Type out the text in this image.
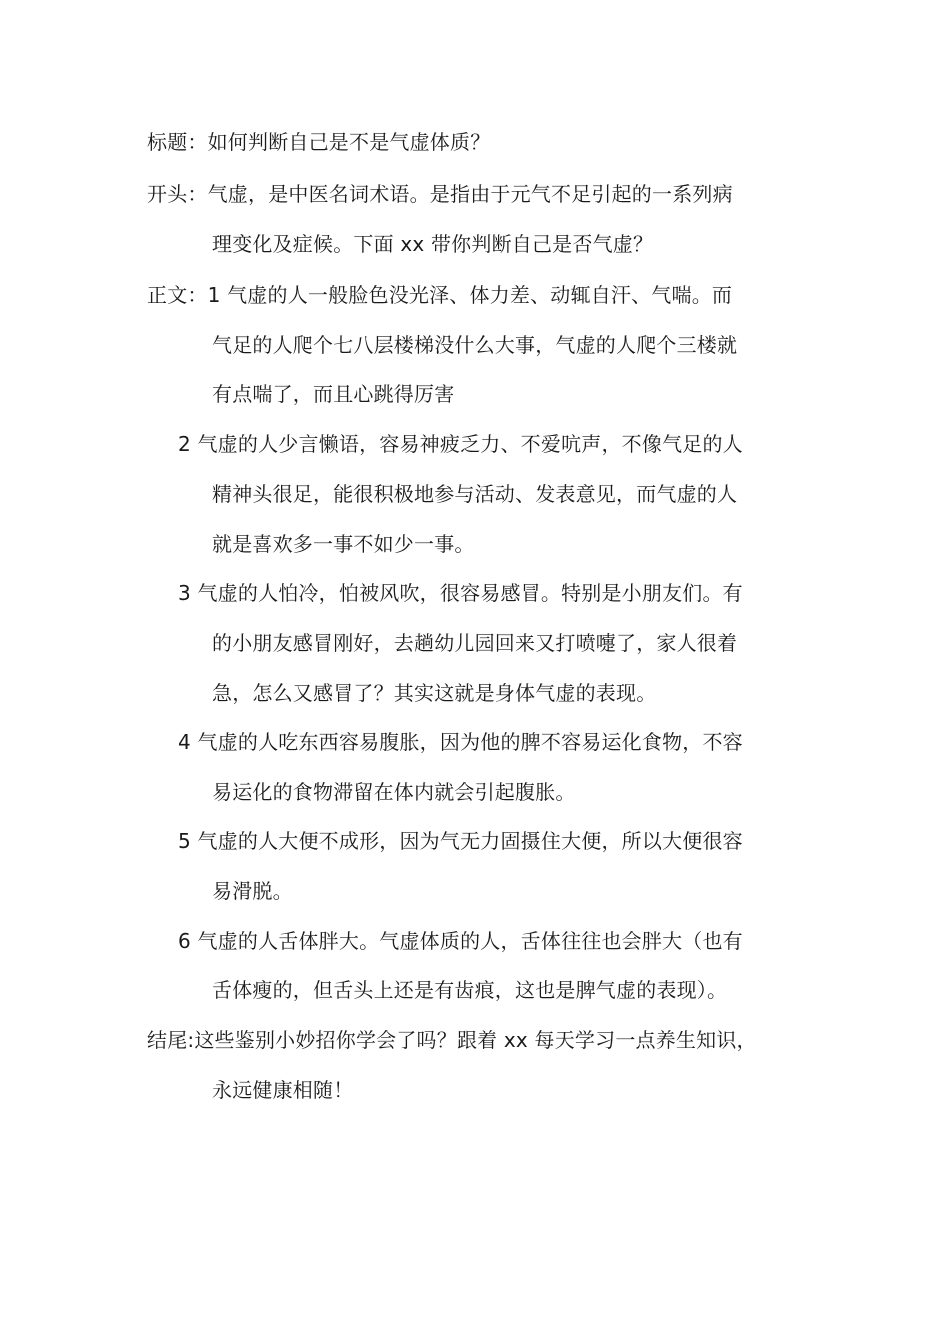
标题：如何判断自己是不是气虚体质？
开头：气虚，是中医名词术语。是指由于元气不足引起的一系列病
理变化及症候。下面 xx 带你判断自己是否气虚？
正文：1 气虚的人一般脸色没光泽、体力差、动辄自汗、气喘。而
气足的人爬个七八层楼梯没什么大事，气虚的人爬个三楼就
有点喘了，而且心跳得厉害
2 气虚的人少言懒语，容易神疲乏力、不爱吭声，不像气足的人
精神头很足，能很积极地参与活动、发表意见，而气虚的人
就是喜欢多一事不如少一事。
3 气虚的人怕冷，怕被风吹，很容易感冒。特别是小朋友们。有
的小朋友感冒刚好，去趟幼儿园回来又打喷嚏了，家人很着
急，怎么又感冒了？其实这就是身体气虚的表现。
4 气虚的人吃东西容易腹胀，因为他的脾不容易运化食物，不容
易运化的食物滞留在体内就会引起腹胀。
5 气虚的人大便不成形，因为气无力固摄住大便，所以大便很容
易滑脱。
6 气虚的人舌体胖大。气虚体质的人，舌体往往也会胖大（也有
舌体瘦的，但舌头上还是有齿痕，这也是脾气虚的表现）。
结尾:这些鉴别小妙招你学会了吗？跟着 xx 每天学习一点养生知识，
永远健康相随！
